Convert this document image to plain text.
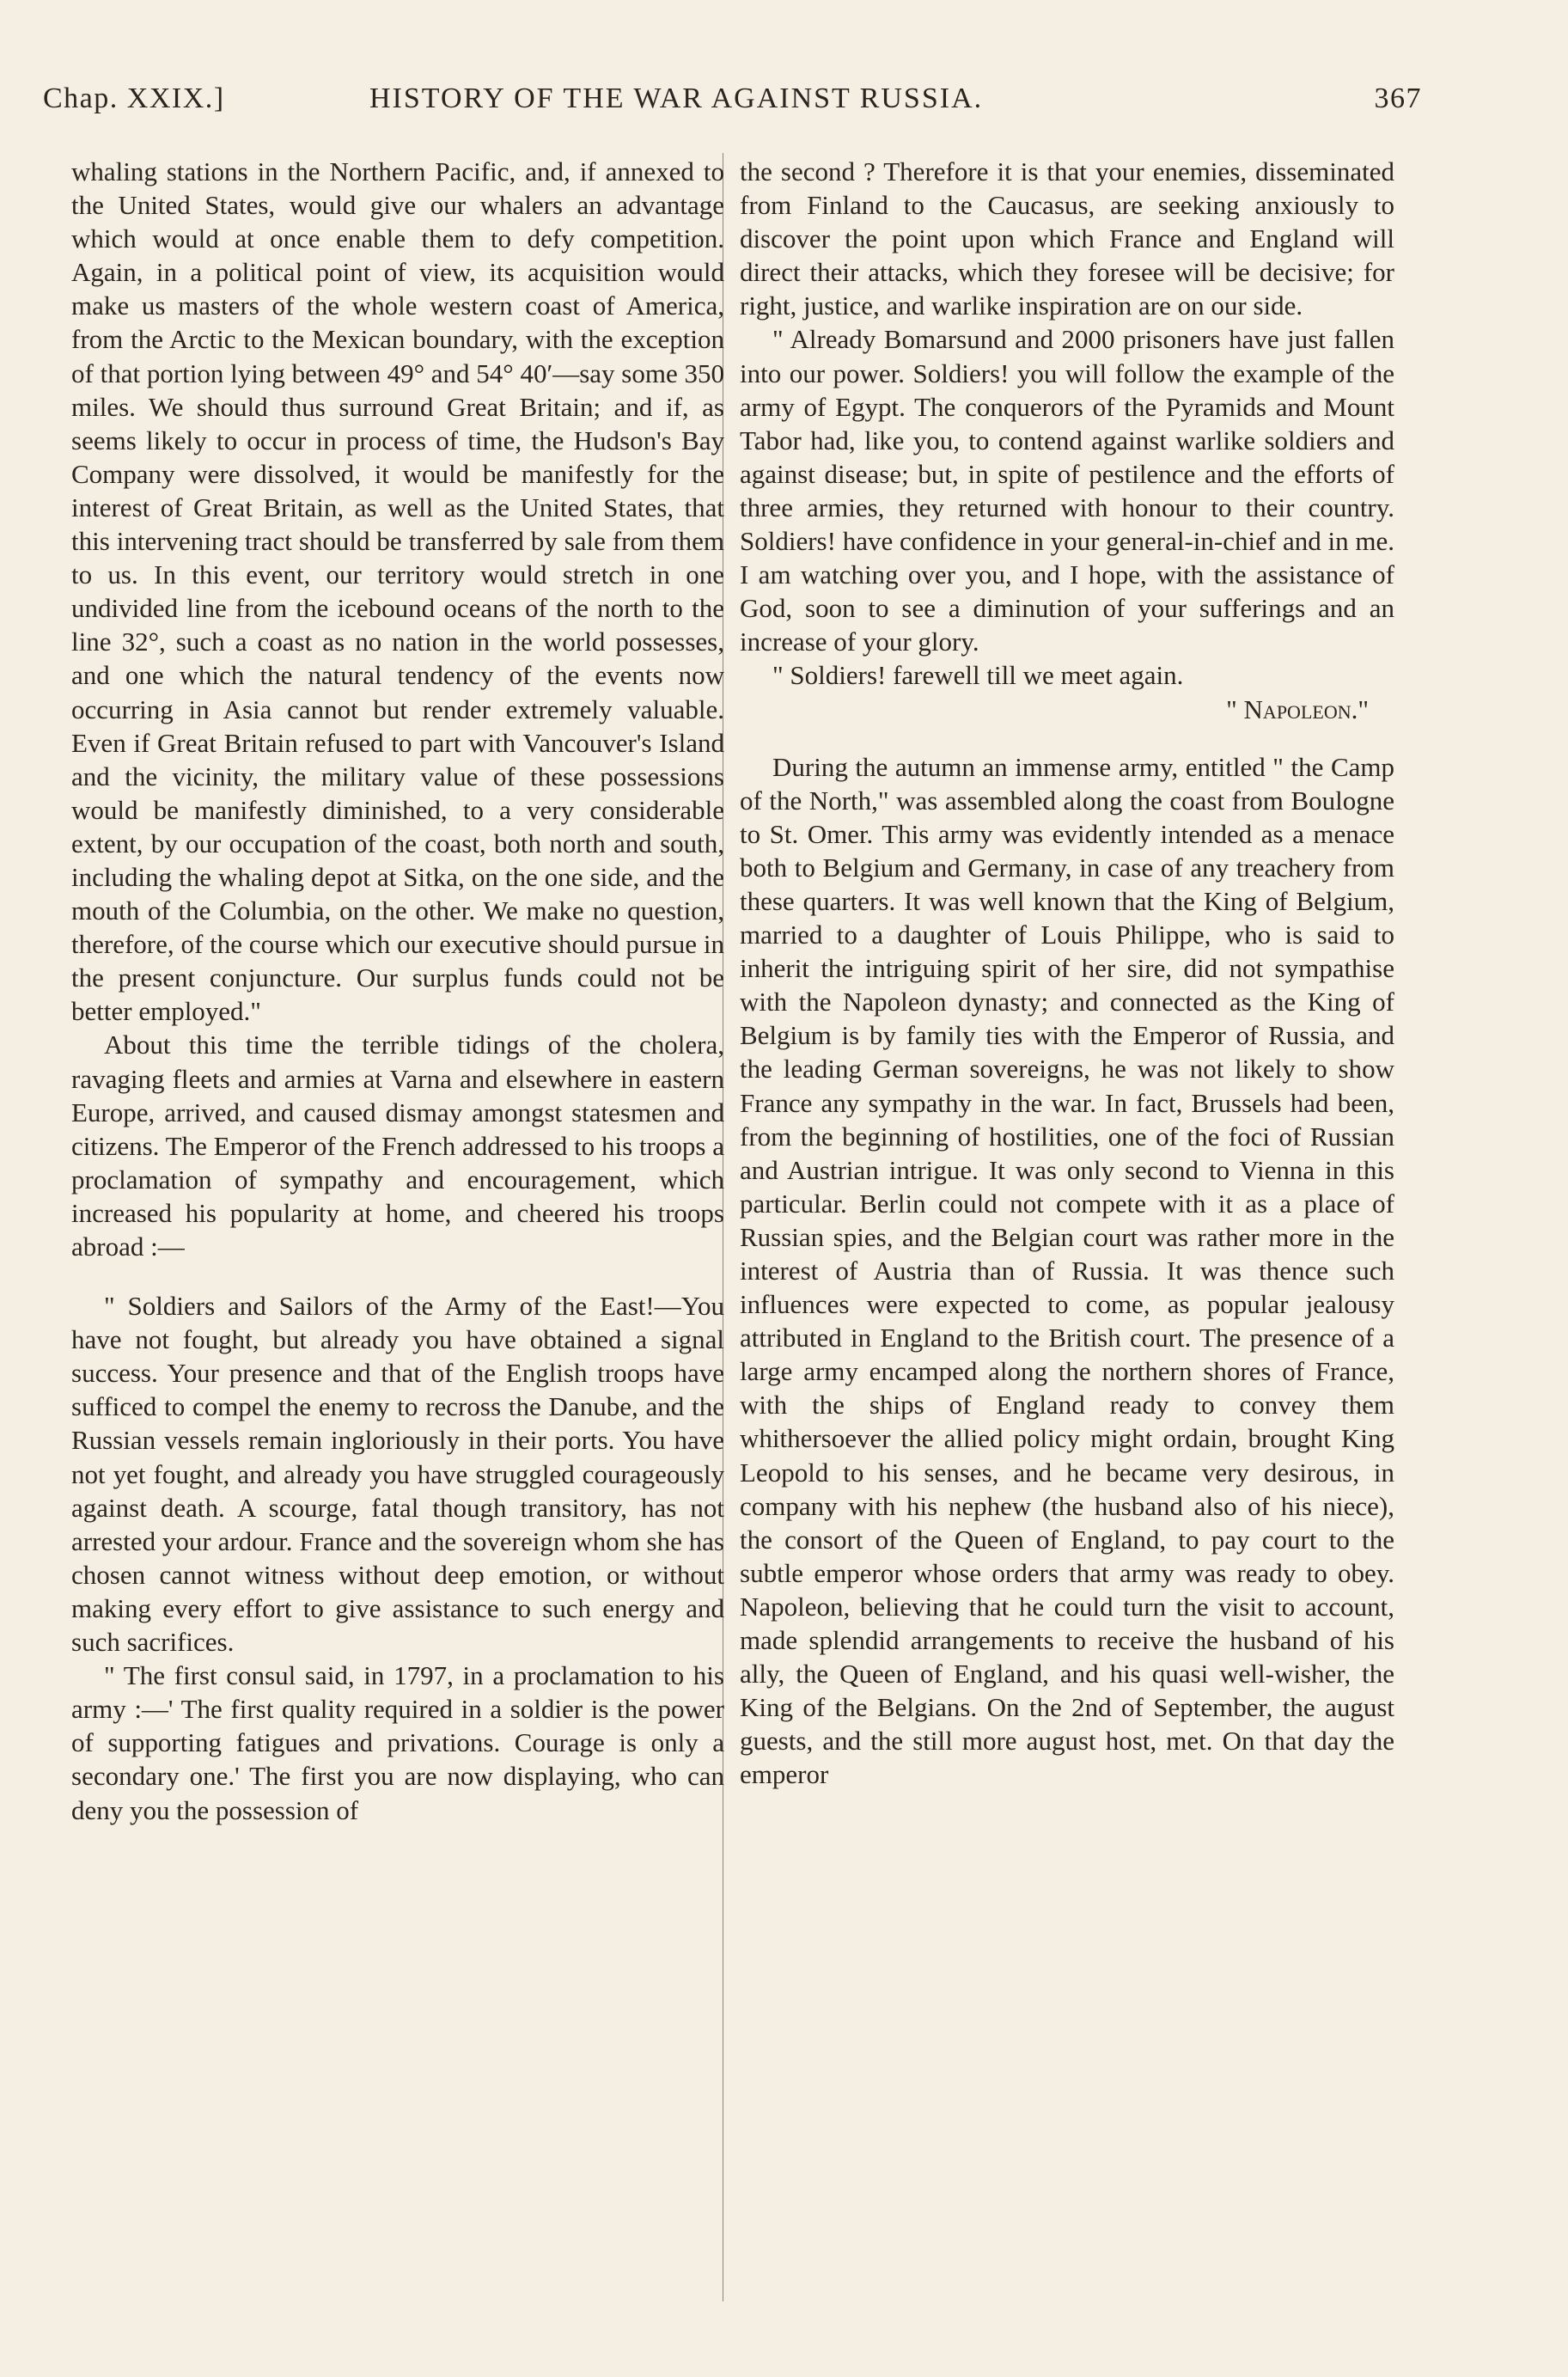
Chap. XXIX.]	HISTORY OF THE WAR AGAINST RUSSIA.	367

whaling stations in the Northern Pacific, and, if annexed to the United States, would give our whalers an advantage which would at once enable them to defy competition. Again, in a political point of view, its acquisition would make us masters of the whole western coast of America, from the Arctic to the Mexican boundary, with the exception of that portion lying between 49° and 54° 40′—say some 350 miles. We should thus surround Great Britain; and if, as seems likely to occur in process of time, the Hudson's Bay Company were dissolved, it would be manifestly for the interest of Great Britain, as well as the United States, that this intervening tract should be transferred by sale from them to us. In this event, our territory would stretch in one undivided line from the icebound oceans of the north to the line 32°, such a coast as no nation in the world possesses, and one which the natural tendency of the events now occurring in Asia cannot but render extremely valuable. Even if Great Britain refused to part with Vancouver's Island and the vicinity, the military value of these possessions would be manifestly diminished, to a very considerable extent, by our occupation of the coast, both north and south, including the whaling depot at Sitka, on the one side, and the mouth of the Columbia, on the other. We make no question, therefore, of the course which our executive should pursue in the present conjuncture. Our surplus funds could not be better employed."

About this time the terrible tidings of the cholera, ravaging fleets and armies at Varna and elsewhere in eastern Europe, arrived, and caused dismay amongst statesmen and citizens. The Emperor of the French addressed to his troops a proclamation of sympathy and encouragement, which increased his popularity at home, and cheered his troops abroad :—

" Soldiers and Sailors of the Army of the East!—You have not fought, but already you have obtained a signal success. Your presence and that of the English troops have sufficed to compel the enemy to recross the Danube, and the Russian vessels remain ingloriously in their ports. You have not yet fought, and already you have struggled courageously against death. A scourge, fatal though transitory, has not arrested your ardour. France and the sovereign whom she has chosen cannot witness without deep emotion, or without making every effort to give assistance to such energy and such sacrifices.

" The first consul said, in 1797, in a proclamation to his army :—' The first quality required in a soldier is the power of supporting fatigues and privations. Courage is only a secondary one.' The first you are now displaying, who can deny you the possession of

the second ? Therefore it is that your enemies, disseminated from Finland to the Caucasus, are seeking anxiously to discover the point upon which France and England will direct their attacks, which they foresee will be decisive; for right, justice, and warlike inspiration are on our side.

" Already Bomarsund and 2000 prisoners have just fallen into our power. Soldiers! you will follow the example of the army of Egypt. The conquerors of the Pyramids and Mount Tabor had, like you, to contend against warlike soldiers and against disease; but, in spite of pestilence and the efforts of three armies, they returned with honour to their country. Soldiers! have confidence in your general-in-chief and in me. I am watching over you, and I hope, with the assistance of God, soon to see a diminution of your sufferings and an increase of your glory.

" Soldiers! farewell till we meet again.

" Napoleon."

During the autumn an immense army, entitled " the Camp of the North," was assembled along the coast from Boulogne to St. Omer. This army was evidently intended as a menace both to Belgium and Germany, in case of any treachery from these quarters. It was well known that the King of Belgium, married to a daughter of Louis Philippe, who is said to inherit the intriguing spirit of her sire, did not sympathise with the Napoleon dynasty; and connected as the King of Belgium is by family ties with the Emperor of Russia, and the leading German sovereigns, he was not likely to show France any sympathy in the war. In fact, Brussels had been, from the beginning of hostilities, one of the foci of Russian and Austrian intrigue. It was only second to Vienna in this particular. Berlin could not compete with it as a place of Russian spies, and the Belgian court was rather more in the interest of Austria than of Russia. It was thence such influences were expected to come, as popular jealousy attributed in England to the British court. The presence of a large army encamped along the northern shores of France, with the ships of England ready to convey them whithersoever the allied policy might ordain, brought King Leopold to his senses, and he became very desirous, in company with his nephew (the husband also of his niece), the consort of the Queen of England, to pay court to the subtle emperor whose orders that army was ready to obey. Napoleon, believing that he could turn the visit to account, made splendid arrangements to receive the husband of his ally, the Queen of England, and his quasi well-wisher, the King of the Belgians. On the 2nd of September, the august guests, and the still more august host, met. On that day the emperor
